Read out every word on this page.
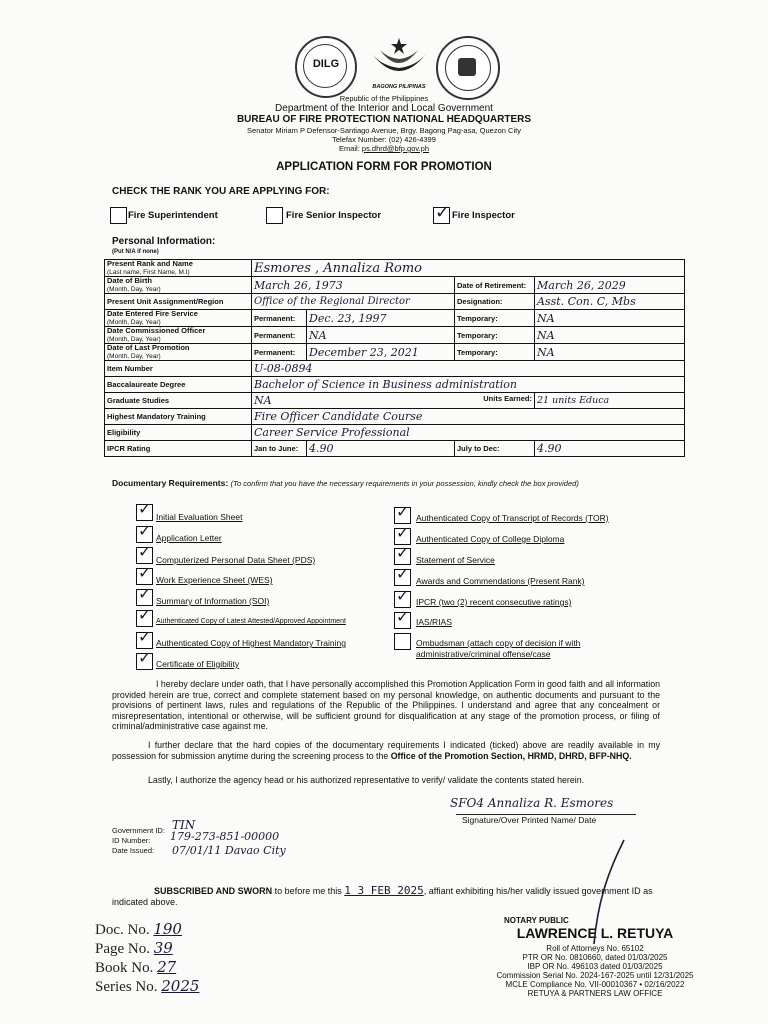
DILG
BAGONG PILIPINAS
Republic of the Philippines
Department of the Interior and Local Government
BUREAU OF FIRE PROTECTION NATIONAL HEADQUARTERS
Senator Miriam P Defensor-Santiago Avenue, Brgy. Bagong Pag-asa, Quezon City
Telefax Number: (02) 426-4399
Email: ps.dhrd@bfp.gov.ph
APPLICATION FORM FOR PROMOTION
CHECK THE RANK YOU ARE APPLYING FOR:
Fire Superintendent	Fire Senior Inspector	✓ Fire Inspector
Personal Information:
(Put N/A if none)
Present Rank and Name
(Last name, First Name, M.I)	Esmores , Annaliza Romo			
Date of Birth
(Month, Day, Year)	March 26, 1973		Date of Retirement:	March 26, 2029
Present Unit Assignment/Region	Office of the Regional Director		Designation:	Asst. Con. C, Mbs
Date Entered Fire Service
(Month, Day, Year)	Permanent:	Dec. 23, 1997	Temporary:	NA
Date Commissioned Officer
(Month, Day, Year)	Permanent:	NA	Temporary:	NA
Date of Last Promotion
(Month, Day, Year)	Permanent:	December 23, 2021	Temporary:	NA
Item Number	U-08-0894			
Baccalaureate Degree	Bachelor of Science in Business administration			
Graduate Studies	NA Units Earned:			21 units Educa
Highest Mandatory Training	Fire Officer Candidate Course			
Eligibility	Career Service Professional			
IPCR Rating	Jan to June:	4.90	July to Dec:	4.90
Documentary Requirements: (To confirm that you have the necessary requirements in your possession, kindly check the box provided)
✓ Initial Evaluation Sheet
✓ Application Letter
✓ Computerized Personal Data Sheet (PDS)
✓ Work Experience Sheet (WES)
✓ Summary of Information (SOI)
✓ Authenticated Copy of Latest Attested/Approved Appointment
✓ Authenticated Copy of Highest Mandatory Training
✓ Certificate of Eligibility
✓ Authenticated Copy of Transcript of Records (TOR)
✓ Authenticated Copy of College Diploma
✓ Statement of Service
✓ Awards and Commendations (Present Rank)
✓ IPCR (two (2) recent consecutive ratings)
✓ IAS/RIAS
Ombudsman (attach copy of decision if with
administrative/criminal offense/case
I hereby declare under oath, that I have personally accomplished this Promotion Application Form in good faith and all information provided herein are true, correct and complete statement based on my personal knowledge, on authentic documents and pursuant to the provisions of pertinent laws, rules and regulations of the Republic of the Philippines. I understand and agree that any concealment or misrepresentation, intentional or otherwise, will be sufficient ground for disqualification at any stage of the promotion process, or filing of criminal/administrative case against me.
I further declare that the hard copies of the documentary requirements I indicated (ticked) above are readily available in my possession for submission anytime during the screening process to the Office of the Promotion Section, HRMD, DHRD, BFP-NHQ.
Lastly, I authorize the agency head or his authorized representative to verify/ validate the contents stated herein.
SFO4 Annaliza R. Esmores
Signature/Over Printed Name/ Date
Government ID: TIN
ID Number: 179-273-851-00000
Date Issued: 07/01/11 Davao City
SUBSCRIBED AND SWORN to before me this 1 3 FEB 2025, affiant exhibiting his/her validly issued government ID as indicated above.
Doc. No. 190
Page No. 39
Book No. 27
Series No. 2025
NOTARY PUBLIC
LAWRENCE L. RETUYA
Roll of Attorneys No. 65102
PTR OR No. 0810660, dated 01/03/2025
IBP OR No. 496103 dated 01/03/2025
Commission Serial No. 2024-167-2025 until 12/31/2025
MCLE Compliance No. VII-00010367 • 02/16/2022
RETUYA & PARTNERS LAW OFFICE
